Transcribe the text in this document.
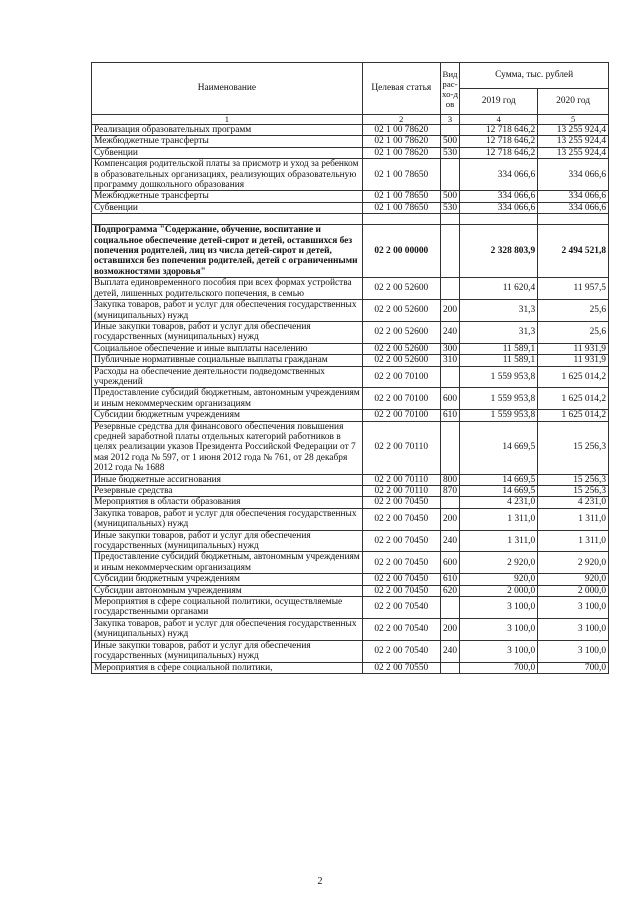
Наименование	Целевая статья	Вид рас-хо-дов	Сумма, тыс. рублей	
			2019 год	2020 год
1	2	3	4	5
Реализация образовательных программ	02 1 00 78620		12 718 646,2	13 255 924,4
Межбюджетные трансферты	02 1 00 78620	500	12 718 646,2	13 255 924,4
Субвенции	02 1 00 78620	530	12 718 646,2	13 255 924,4
Компенсация родительской платы за присмотр и уход за ребенком в образовательных организациях, реализующих образовательную программу дошкольного образования	02 1 00 78650		334 066,6	334 066,6
Межбюджетные трансферты	02 1 00 78650	500	334 066,6	334 066,6
Субвенции	02 1 00 78650	530	334 066,6	334 066,6

Подпрограмма "Содержание, обучение, воспитание и социальное обеспечение детей-сирот и детей, оставшихся без попечения родителей, лиц из числа детей-сирот и детей, оставшихся без попечения родителей, детей с ограниченными возможностями здоровья"	02 2 00 00000		2 328 803,9	2 494 521,8
Выплата единовременного пособия при всех формах устройства детей, лишенных родительского попечения, в семью	02 2 00 52600		11 620,4	11 957,5
Закупка товаров, работ и услуг для обеспечения государственных (муниципальных) нужд	02 2 00 52600	200	31,3	25,6
Иные закупки товаров, работ и услуг для обеспечения государственных (муниципальных) нужд	02 2 00 52600	240	31,3	25,6
Социальное обеспечение и иные выплаты населению	02 2 00 52600	300	11 589,1	11 931,9
Публичные нормативные социальные выплаты гражданам	02 2 00 52600	310	11 589,1	11 931,9
Расходы на обеспечение деятельности подведомственных учреждений	02 2 00 70100		1 559 953,8	1 625 014,2
Предоставление субсидий бюджетным, автономным учреждениям и иным некоммерческим организациям	02 2 00 70100	600	1 559 953,8	1 625 014,2
Субсидии бюджетным учреждениям	02 2 00 70100	610	1 559 953,8	1 625 014,2
Резервные средства для финансового обеспечения повышения средней заработной платы отдельных категорий работников в целях реализации указов Президента Российской Федерации от 7 мая 2012 года № 597, от 1 июня 2012 года № 761, от 28 декабря 2012 года № 1688	02 2 00 70110		14 669,5	15 256,3
Иные бюджетные ассигнования	02 2 00 70110	800	14 669,5	15 256,3
Резервные средства	02 2 00 70110	870	14 669,5	15 256,3
Мероприятия в области образования	02 2 00 70450		4 231,0	4 231,0
Закупка товаров, работ и услуг для обеспечения государственных (муниципальных) нужд	02 2 00 70450	200	1 311,0	1 311,0
Иные закупки товаров, работ и услуг для обеспечения государственных (муниципальных) нужд	02 2 00 70450	240	1 311,0	1 311,0
Предоставление субсидий бюджетным, автономным учреждениям и иным некоммерческим организациям	02 2 00 70450	600	2 920,0	2 920,0
Субсидии бюджетным учреждениям	02 2 00 70450	610	920,0	920,0
Субсидии автономным учреждениям	02 2 00 70450	620	2 000,0	2 000,0
Мероприятия в сфере социальной политики, осуществляемые государственными органами	02 2 00 70540		3 100,0	3 100,0
Закупка товаров, работ и услуг для обеспечения государственных (муниципальных) нужд	02 2 00 70540	200	3 100,0	3 100,0
Иные закупки товаров, работ и услуг для обеспечения государственных (муниципальных) нужд	02 2 00 70540	240	3 100,0	3 100,0
Мероприятия в сфере социальной политики,	02 2 00 70550		700,0	700,0
2
